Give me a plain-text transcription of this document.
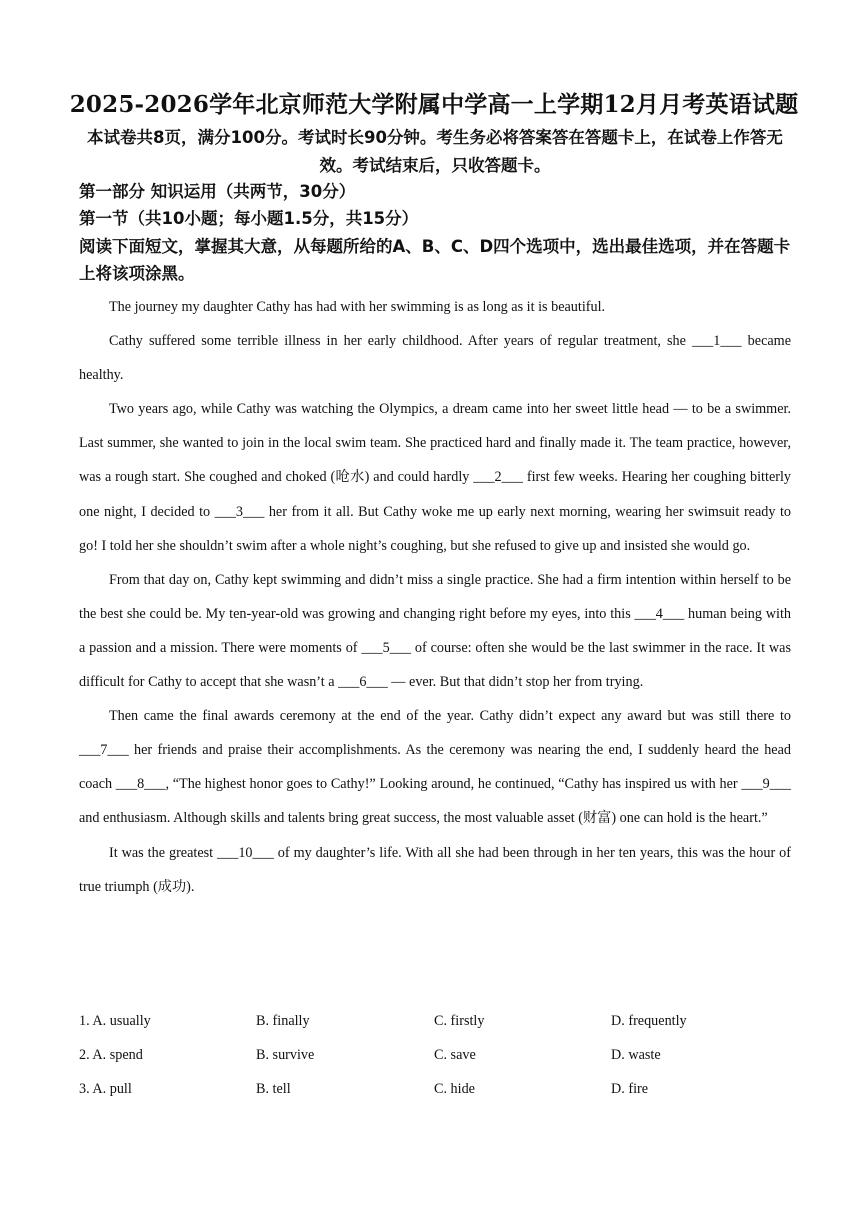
2025-2026学年北京师范大学附属中学高一上学期12月月考英语试题
本试卷共8页，满分100分。考试时长90分钟。考生务必将答案答在答题卡上，在试卷上作答无效。考试结束后，只收答题卡。
第一部分 知识运用（共两节，30分）
第一节（共10小题；每小题1.5分，共15分）
阅读下面短文，掌握其大意，从每题所给的A、B、C、D四个选项中，选出最佳选项，并在答题卡上将该项涂黑。

The journey my daughter Cathy has had with her swimming is as long as it is beautiful.

Cathy suffered some terrible illness in her early childhood. After years of regular treatment, she ___1___ became healthy.

Two years ago, while Cathy was watching the Olympics, a dream came into her sweet little head — to be a swimmer. Last summer, she wanted to join in the local swim team. She practiced hard and finally made it. The team practice, however, was a rough start. She coughed and choked (呛水) and could hardly ___2___ first few weeks. Hearing her coughing bitterly one night, I decided to ___3___ her from it all. But Cathy woke me up early next morning, wearing her swimsuit ready to go! I told her she shouldn’t swim after a whole night’s coughing, but she refused to give up and insisted she would go.

From that day on, Cathy kept swimming and didn’t miss a single practice. She had a firm intention within herself to be the best she could be. My ten-year-old was growing and changing right before my eyes, into this ___4___ human being with a passion and a mission. There were moments of ___5___ of course: often she would be the last swimmer in the race. It was difficult for Cathy to accept that she wasn’t a ___6___ — ever. But that didn’t stop her from trying.

Then came the final awards ceremony at the end of the year. Cathy didn’t expect any award but was still there to ___7___ her friends and praise their accomplishments. As the ceremony was nearing the end, I suddenly heard the head coach ___8___, “The highest honor goes to Cathy!” Looking around, he continued, “Cathy has inspired us with her ___9___ and enthusiasm. Although skills and talents bring great success, the most valuable asset (财富) one can hold is the heart.”

It was the greatest ___10___ of my daughter’s life. With all she had been through in her ten years, this was the hour of true triumph (成功).

1. A. usually	B. finally	C. firstly	D. frequently
2. A. spend	B. survive	C. save	D. waste
3. A. pull	B. tell	C. hide	D. fire
